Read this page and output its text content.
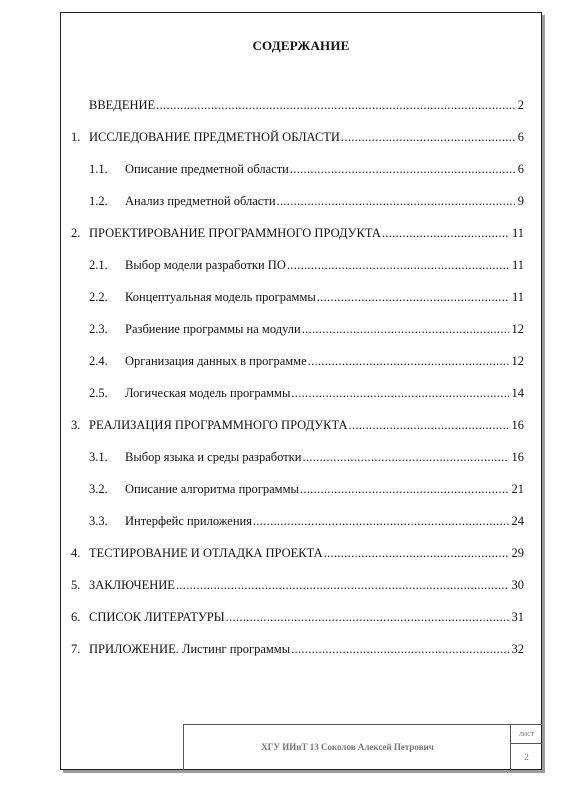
СОДЕРЖАНИЕ
ВВЕДЕНИЕ .....	2
1. ИССЛЕДОВАНИЕ ПРЕДМЕТНОЙ ОБЛАСТИ .....	6
1.1.	Описание предметной области .....	6
1.2.	Анализ предметной области .....	9
2. ПРОЕКТИРОВАНИЕ ПРОГРАММНОГО ПРОДУКТА .....	11
2.1.	Выбор модели разработки ПО .....	11
2.2.	Концептуальная модель программы .....	11
2.3.	Разбиение программы на модули .....	12
2.4.	Организация данных в программе .....	12
2.5.	Логическая модель программы .....	14
3. РЕАЛИЗАЦИЯ ПРОГРАММНОГО ПРОДУКТА .....	16
3.1.	Выбор языка и среды разработки .....	16
3.2.	Описание алгоритма программы .....	21
3.3.	Интерфейс приложения .....	24
4. ТЕСТИРОВАНИЕ И ОТЛАДКА ПРОЕКТА .....	29
5. ЗАКЛЮЧЕНИЕ .....	30
6. СПИСОК ЛИТЕРАТУРЫ .....	31
7. ПРИЛОЖЕНИЕ. Листинг программы .....	32
ХГУ ИИиТ 13 Соколов Алексей Петрович
лист
2
